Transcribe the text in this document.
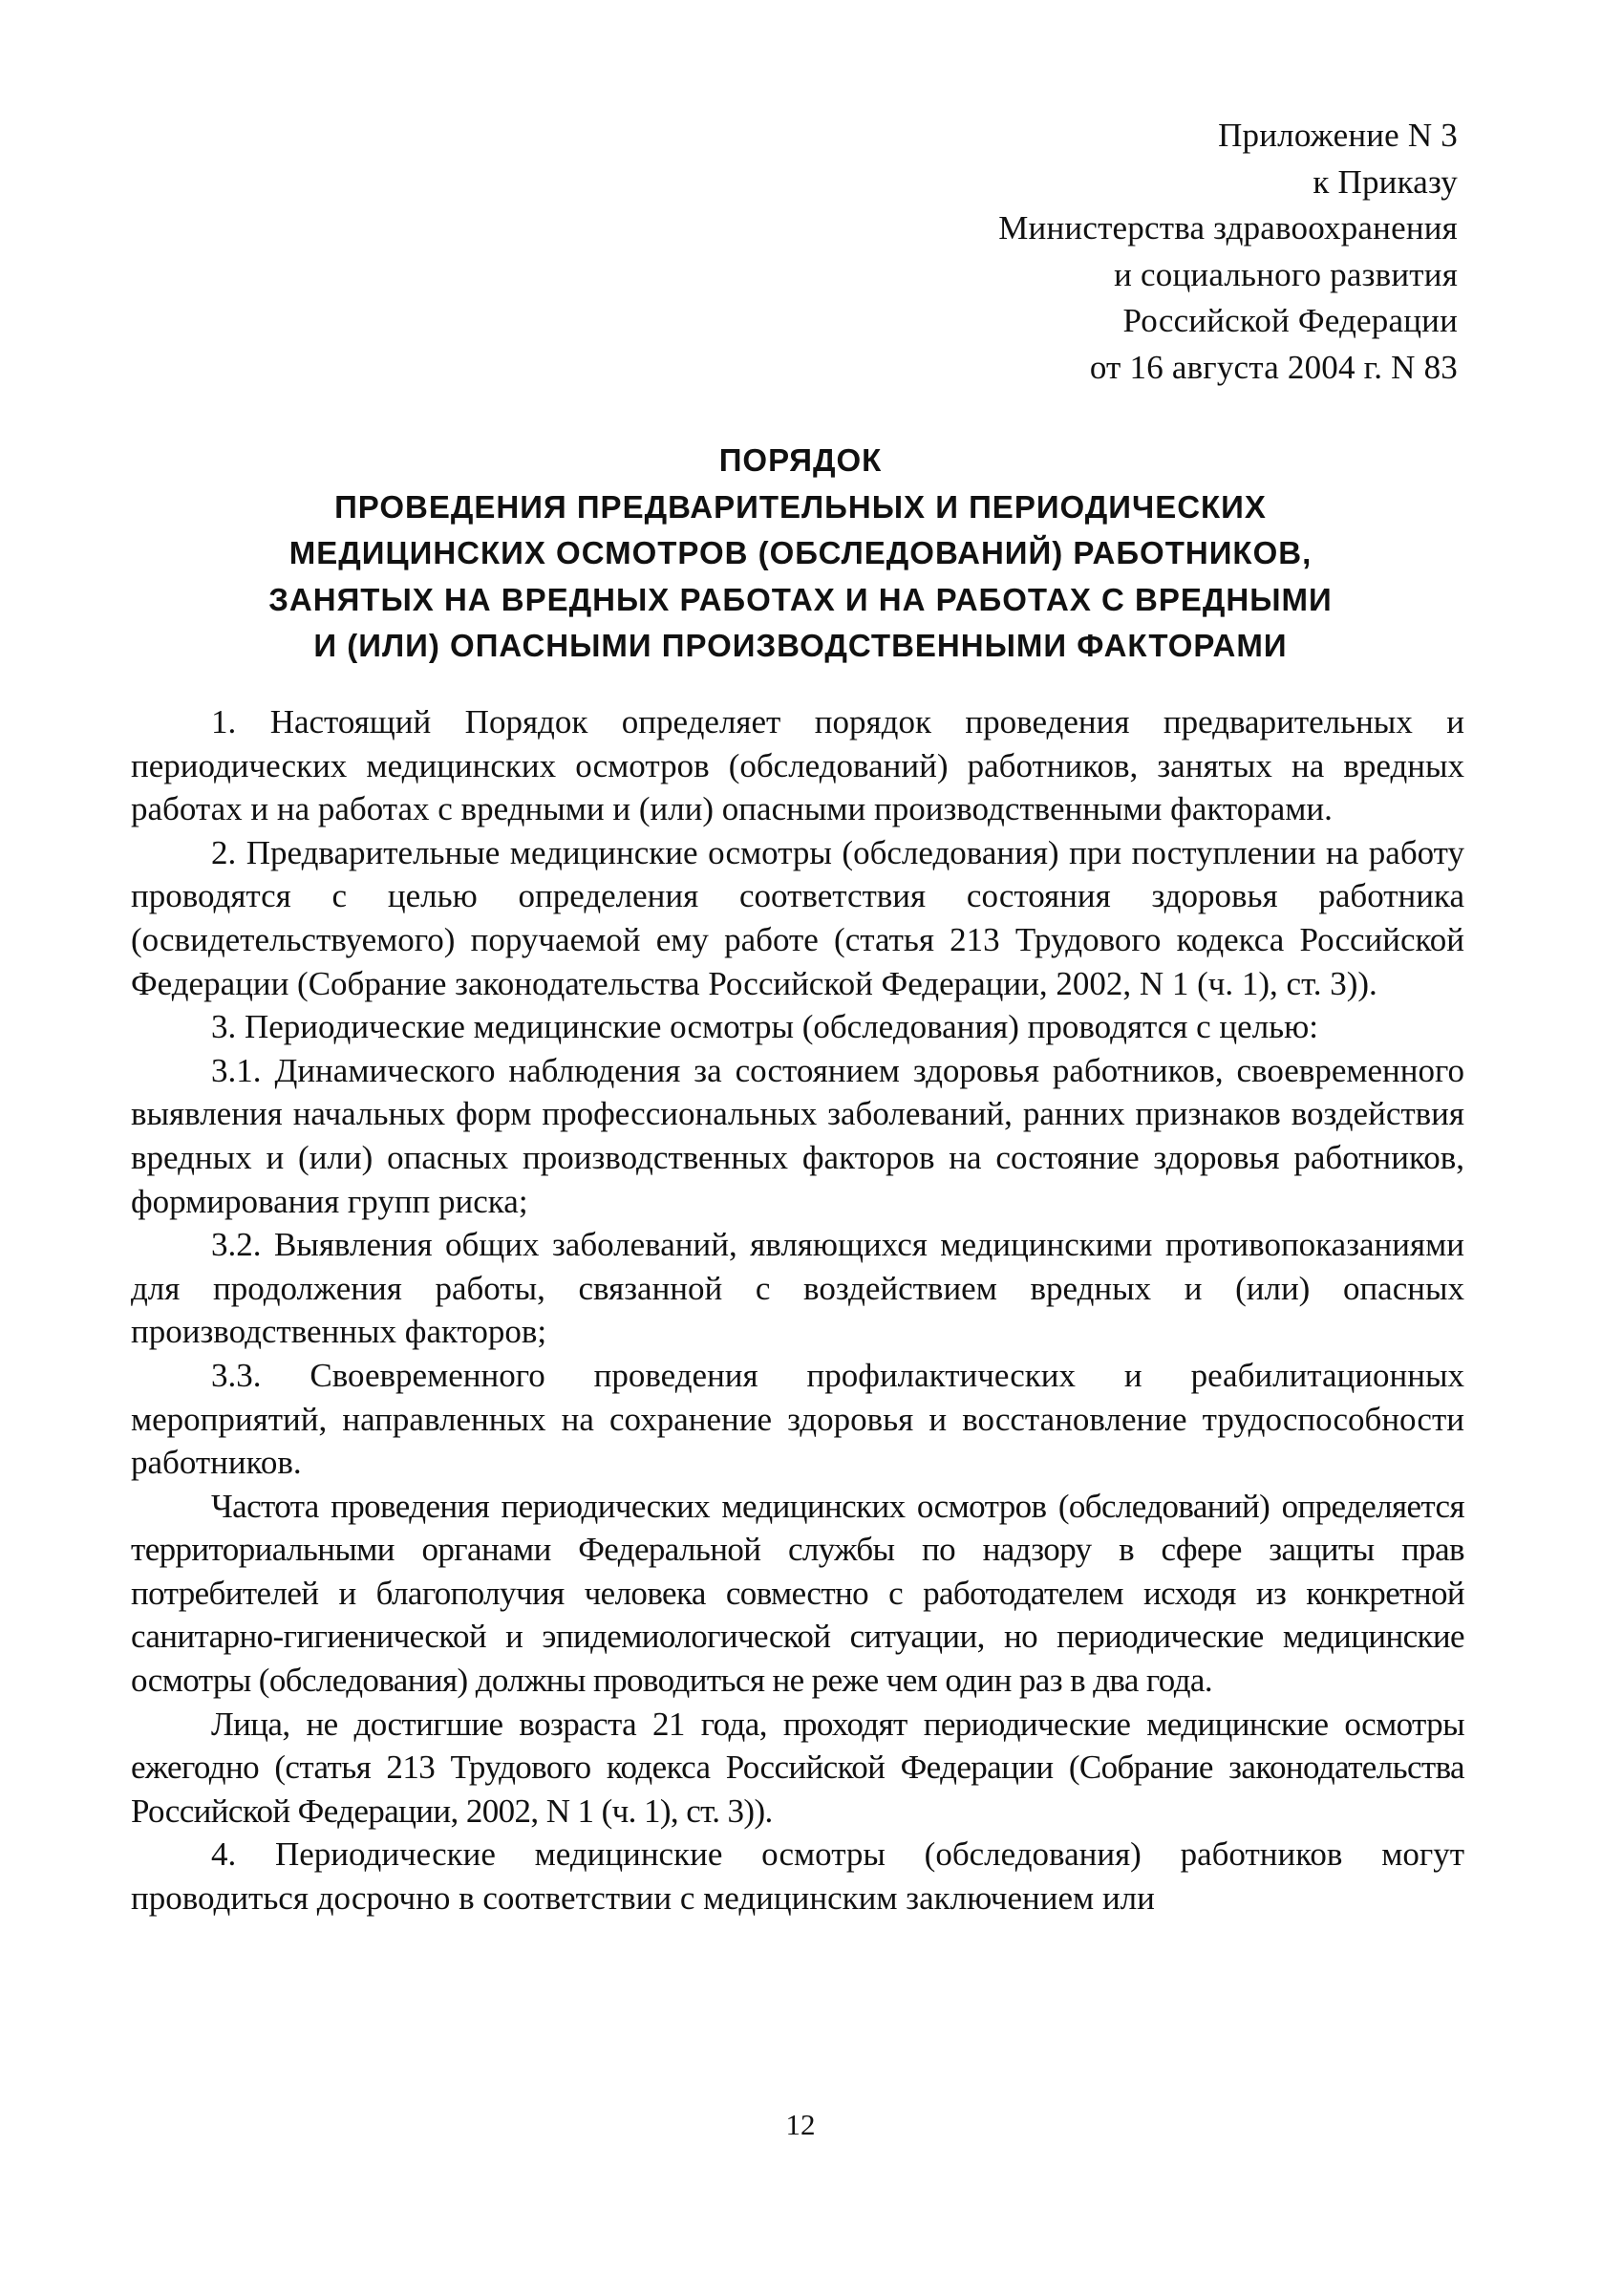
Приложение N 3
к Приказу
Министерства здравоохранения
и социального развития
Российской Федерации
от 16 августа 2004 г. N 83
ПОРЯДОК
ПРОВЕДЕНИЯ ПРЕДВАРИТЕЛЬНЫХ И ПЕРИОДИЧЕСКИХ
МЕДИЦИНСКИХ ОСМОТРОВ (ОБСЛЕДОВАНИЙ) РАБОТНИКОВ,
ЗАНЯТЫХ НА ВРЕДНЫХ РАБОТАХ И НА РАБОТАХ С ВРЕДНЫМИ
И (ИЛИ) ОПАСНЫМИ ПРОИЗВОДСТВЕННЫМИ ФАКТОРАМИ

1. Настоящий Порядок определяет порядок проведения предварительных и периодических медицинских осмотров (обследований) работников, занятых на вредных работах и на работах с вредными и (или) опасными производственными факторами.

2. Предварительные медицинские осмотры (обследования) при поступлении на работу проводятся с целью определения соответствия состояния здоровья работника (освидетельствуемого) поручаемой ему работе (статья 213 Трудового кодекса Российской Федерации (Собрание законодательства Российской Федерации, 2002, N 1 (ч. 1), ст. 3)).

3. Периодические медицинские осмотры (обследования) проводятся с целью:

3.1. Динамического наблюдения за состоянием здоровья работников, своевременного выявления начальных форм профессиональных заболеваний, ранних признаков воздействия вредных и (или) опасных производственных факторов на состояние здоровья работников, формирования групп риска;

3.2. Выявления общих заболеваний, являющихся медицинскими противопоказаниями для продолжения работы, связанной с воздействием вредных и (или) опасных производственных факторов;

3.3. Своевременного проведения профилактических и реабилитационных мероприятий, направленных на сохранение здоровья и восстановление трудоспособности работников.

Частота проведения периодических медицинских осмотров (обследований) определяется территориальными органами Федеральной службы по надзору в сфере защиты прав потребителей и благополучия человека совместно с работодателем исходя из конкретной санитарно-гигиенической и эпидемиологической ситуации, но периодические медицинские осмотры (обследования) должны проводиться не реже чем один раз в два года.

Лица, не достигшие возраста 21 года, проходят периодические медицинские осмотры ежегодно (статья 213 Трудового кодекса Российской Федерации (Собрание законодательства Российской Федерации, 2002, N 1 (ч. 1), ст. 3)).

4. Периодические медицинские осмотры (обследования) работников могут проводиться досрочно в соответствии с медицинским заключением или

12
